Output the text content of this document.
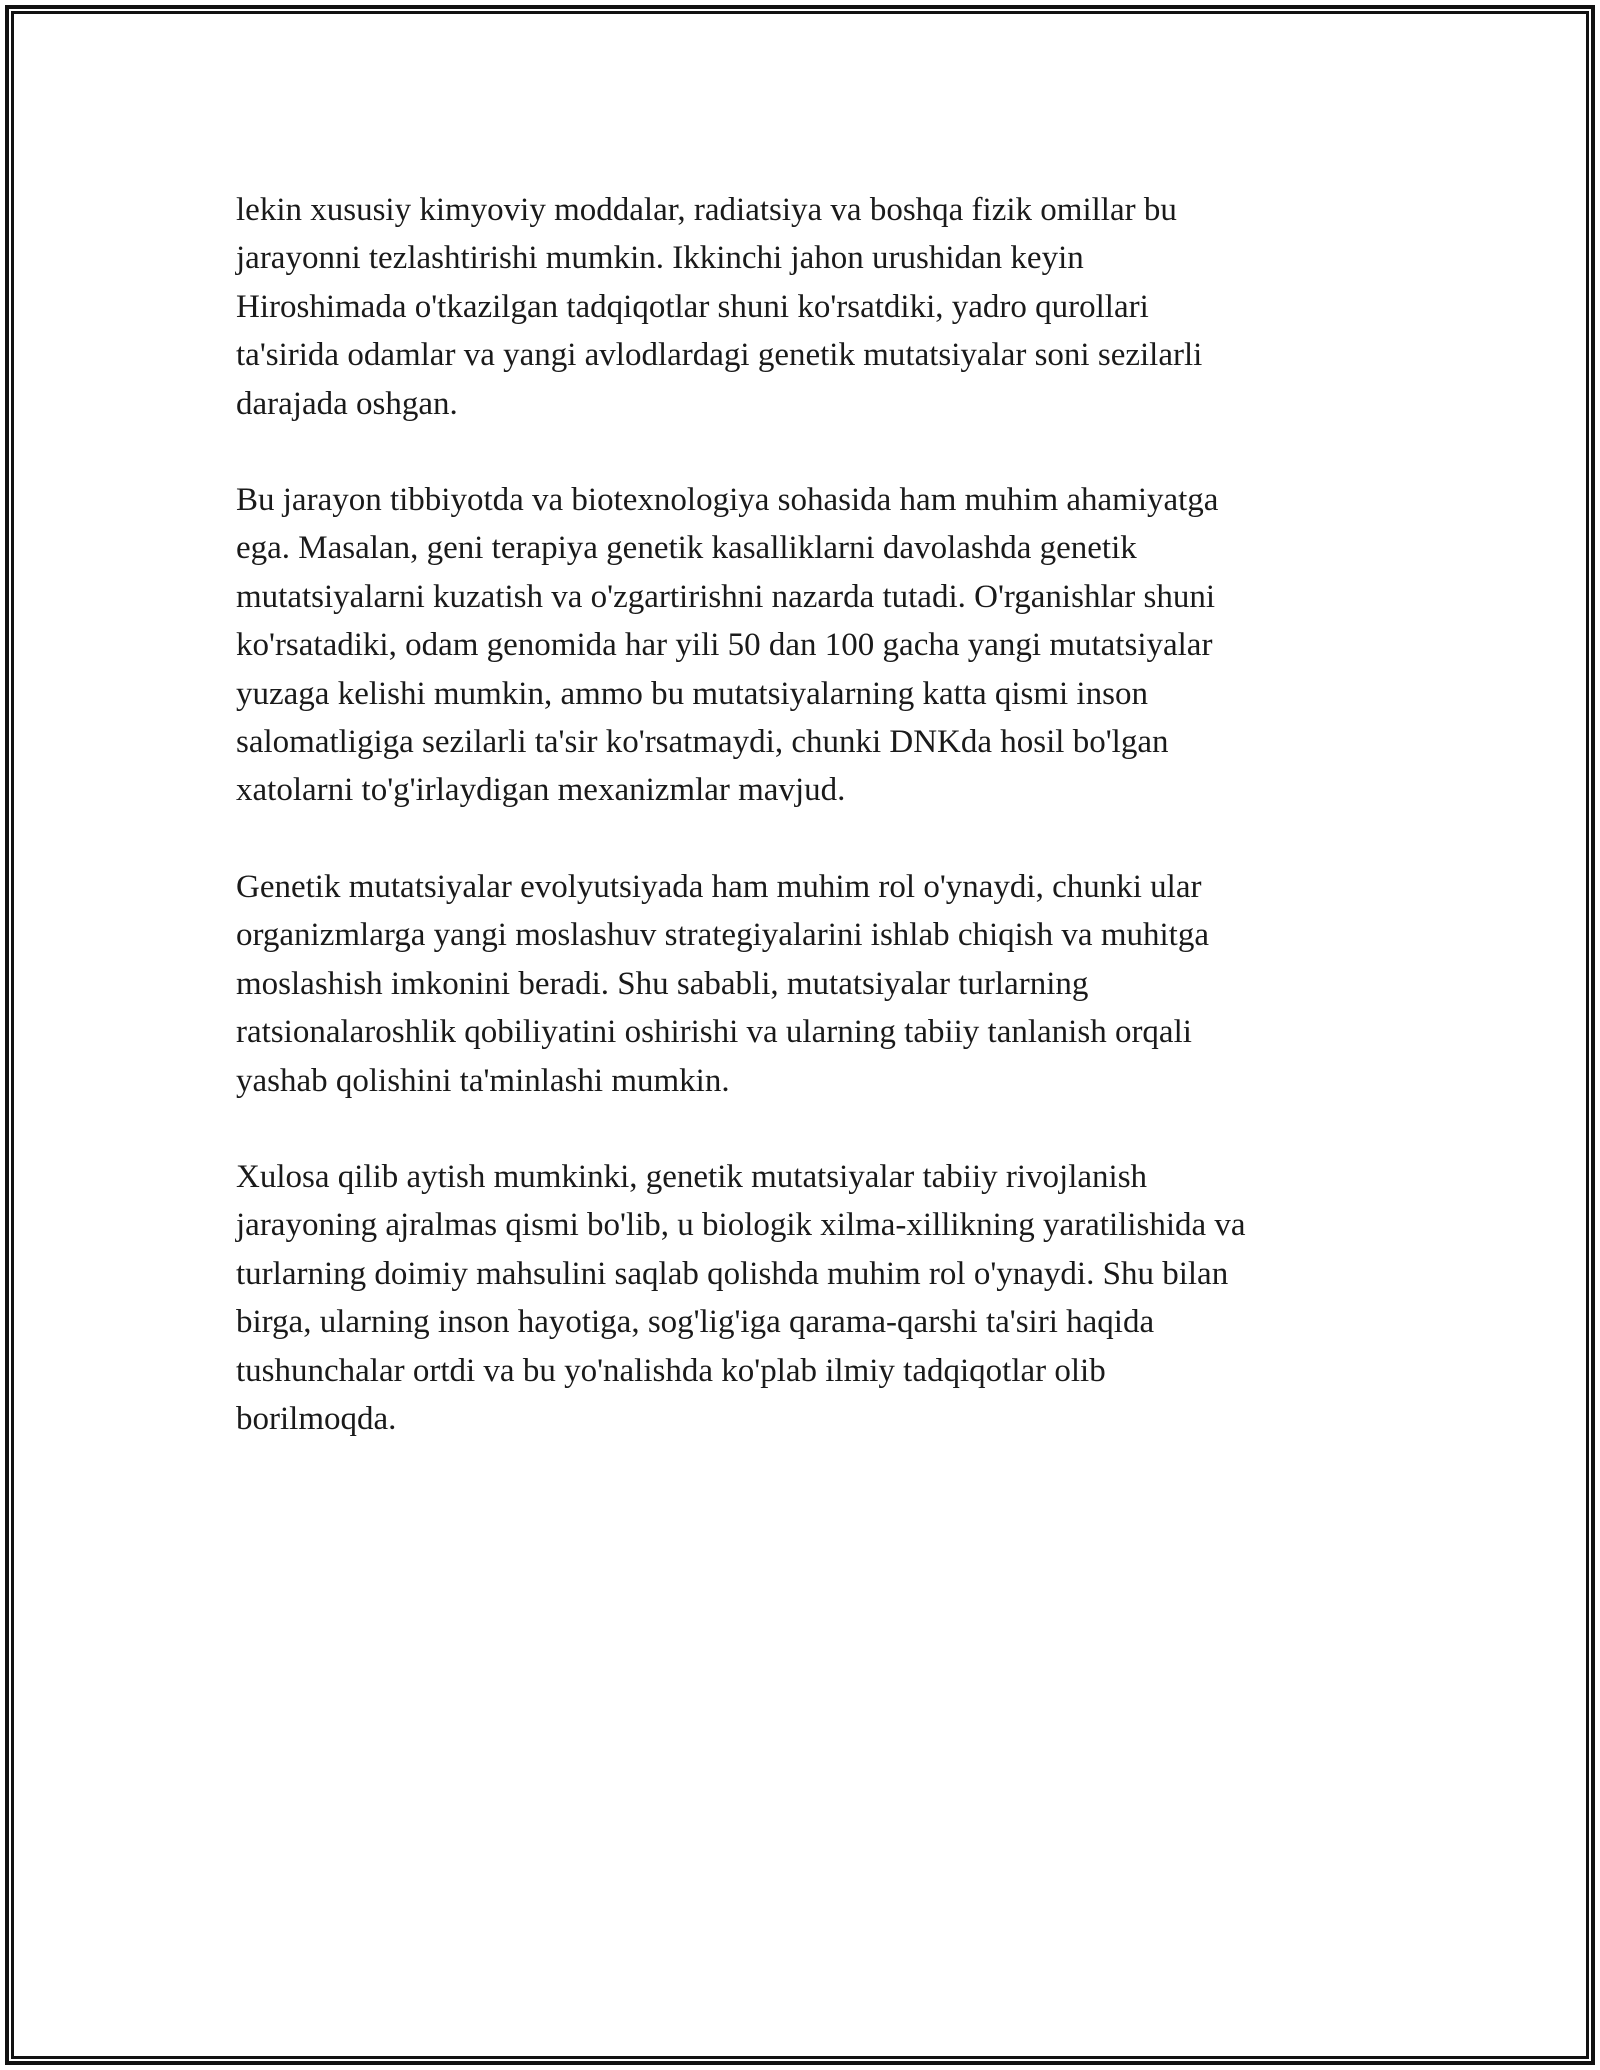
lekin xususiy kimyoviy moddalar, radiatsiya va boshqa fizik omillar bu
jarayonni tezlashtirishi mumkin. Ikkinchi jahon urushidan keyin
Hiroshimada o'tkazilgan tadqiqotlar shuni ko'rsatdiki, yadro qurollari
ta'sirida odamlar va yangi avlodlardagi genetik mutatsiyalar soni sezilarli
darajada oshgan.

Bu jarayon tibbiyotda va biotexnologiya sohasida ham muhim ahamiyatga
ega. Masalan, geni terapiya genetik kasalliklarni davolashda genetik
mutatsiyalarni kuzatish va o'zgartirishni nazarda tutadi. O'rganishlar shuni
ko'rsatadiki, odam genomida har yili 50 dan 100 gacha yangi mutatsiyalar
yuzaga kelishi mumkin, ammo bu mutatsiyalarning katta qismi inson
salomatligiga sezilarli ta'sir ko'rsatmaydi, chunki DNKda hosil bo'lgan
xatolarni to'g'irlaydigan mexanizmlar mavjud.

Genetik mutatsiyalar evolyutsiyada ham muhim rol o'ynaydi, chunki ular
organizmlarga yangi moslashuv strategiyalarini ishlab chiqish va muhitga
moslashish imkonini beradi. Shu sababli, mutatsiyalar turlarning
ratsionalaroshlik qobiliyatini oshirishi va ularning tabiiy tanlanish orqali
yashab qolishini ta'minlashi mumkin.

Xulosa qilib aytish mumkinki, genetik mutatsiyalar tabiiy rivojlanish
jarayoning ajralmas qismi bo'lib, u biologik xilma-xillikning yaratilishida va
turlarning doimiy mahsulini saqlab qolishda muhim rol o'ynaydi. Shu bilan
birga, ularning inson hayotiga, sog'lig'iga qarama-qarshi ta'siri haqida
tushunchalar ortdi va bu yo'nalishda ko'plab ilmiy tadqiqotlar olib
borilmoqda.
